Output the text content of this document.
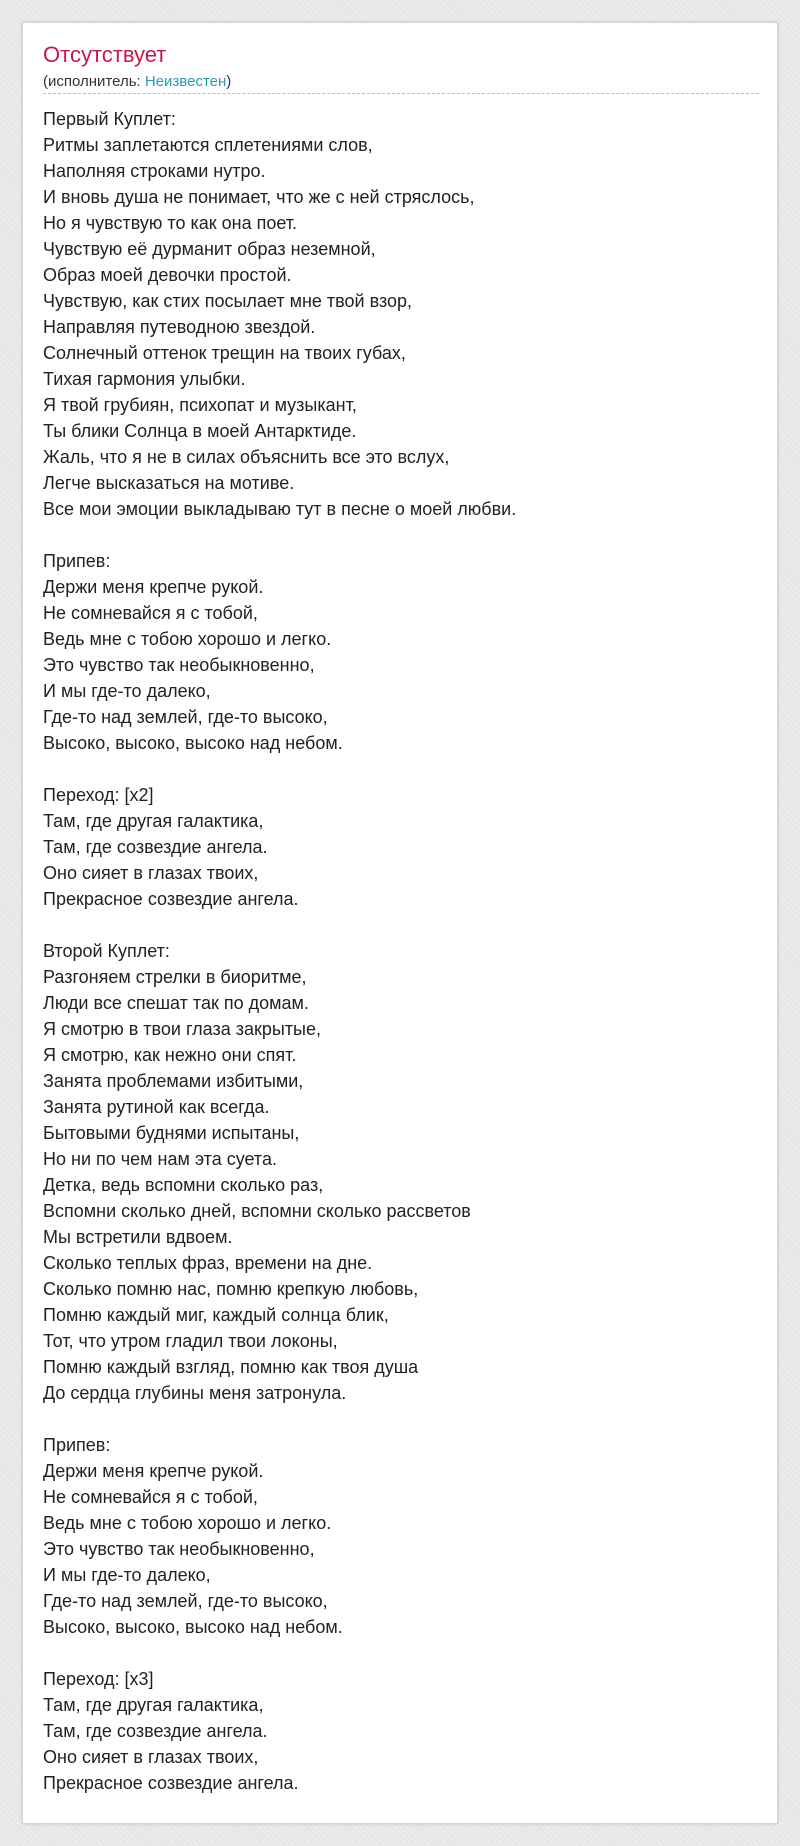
Отсутствует
(исполнитель: Неизвестен)
Первый Куплет:
Ритмы заплетаются сплетениями слов,
Наполняя строками нутро.
И вновь душа не понимает, что же с ней стряслось,
Но я чувствую то как она поет.
Чувствую её дурманит образ неземной,
Образ моей девочки простой.
Чувствую, как стих посылает мне твой взор,
Направляя путеводною звездой.
Солнечный оттенок трещин на твоих губах,
Тихая гармония улыбки.
Я твой грубиян, психопат и музыкант,
Ты блики Солнца в моей Антарктиде.
Жаль, что я не в силах объяснить все это вслух,
Легче высказаться на мотиве.
Все мои эмоции выкладываю тут в песне о моей любви.
Припев:
Держи меня крепче рукой.
Не сомневайся я с тобой,
Ведь мне с тобою хорошо и легко.
Это чувство так необыкновенно,
И мы где-то далеко,
Где-то над землей, где-то высоко,
Высоко, высоко, высоко над небом.
Переход: [x2]
Там, где другая галактика,
Там, где созвездие ангела.
Оно сияет в глазах твоих,
Прекрасное созвездие ангела.
Второй Куплет:
Разгоняем стрелки в биоритме,
Люди все спешат так по домам.
Я смотрю в твои глаза закрытые,
Я смотрю, как нежно они спят.
Занята проблемами избитыми,
Занята рутиной как всегда.
Бытовыми буднями испытаны,
Но ни по чем нам эта суета.
Детка, ведь вспомни сколько раз,
Вспомни сколько дней, вспомни сколько рассветов
Мы встретили вдвоем.
Сколько теплых фраз, времени на дне.
Сколько помню нас, помню крепкую любовь,
Помню каждый миг, каждый солнца блик,
Тот, что утром гладил твои локоны,
Помню каждый взгляд, помню как твоя душа
До сердца глубины меня затронула.
Припев:
Держи меня крепче рукой.
Не сомневайся я с тобой,
Ведь мне с тобою хорошо и легко.
Это чувство так необыкновенно,
И мы где-то далеко,
Где-то над землей, где-то высоко,
Высоко, высоко, высоко над небом.
Переход: [x3]
Там, где другая галактика,
Там, где созвездие ангела.
Оно сияет в глазах твоих,
Прекрасное созвездие ангела.
